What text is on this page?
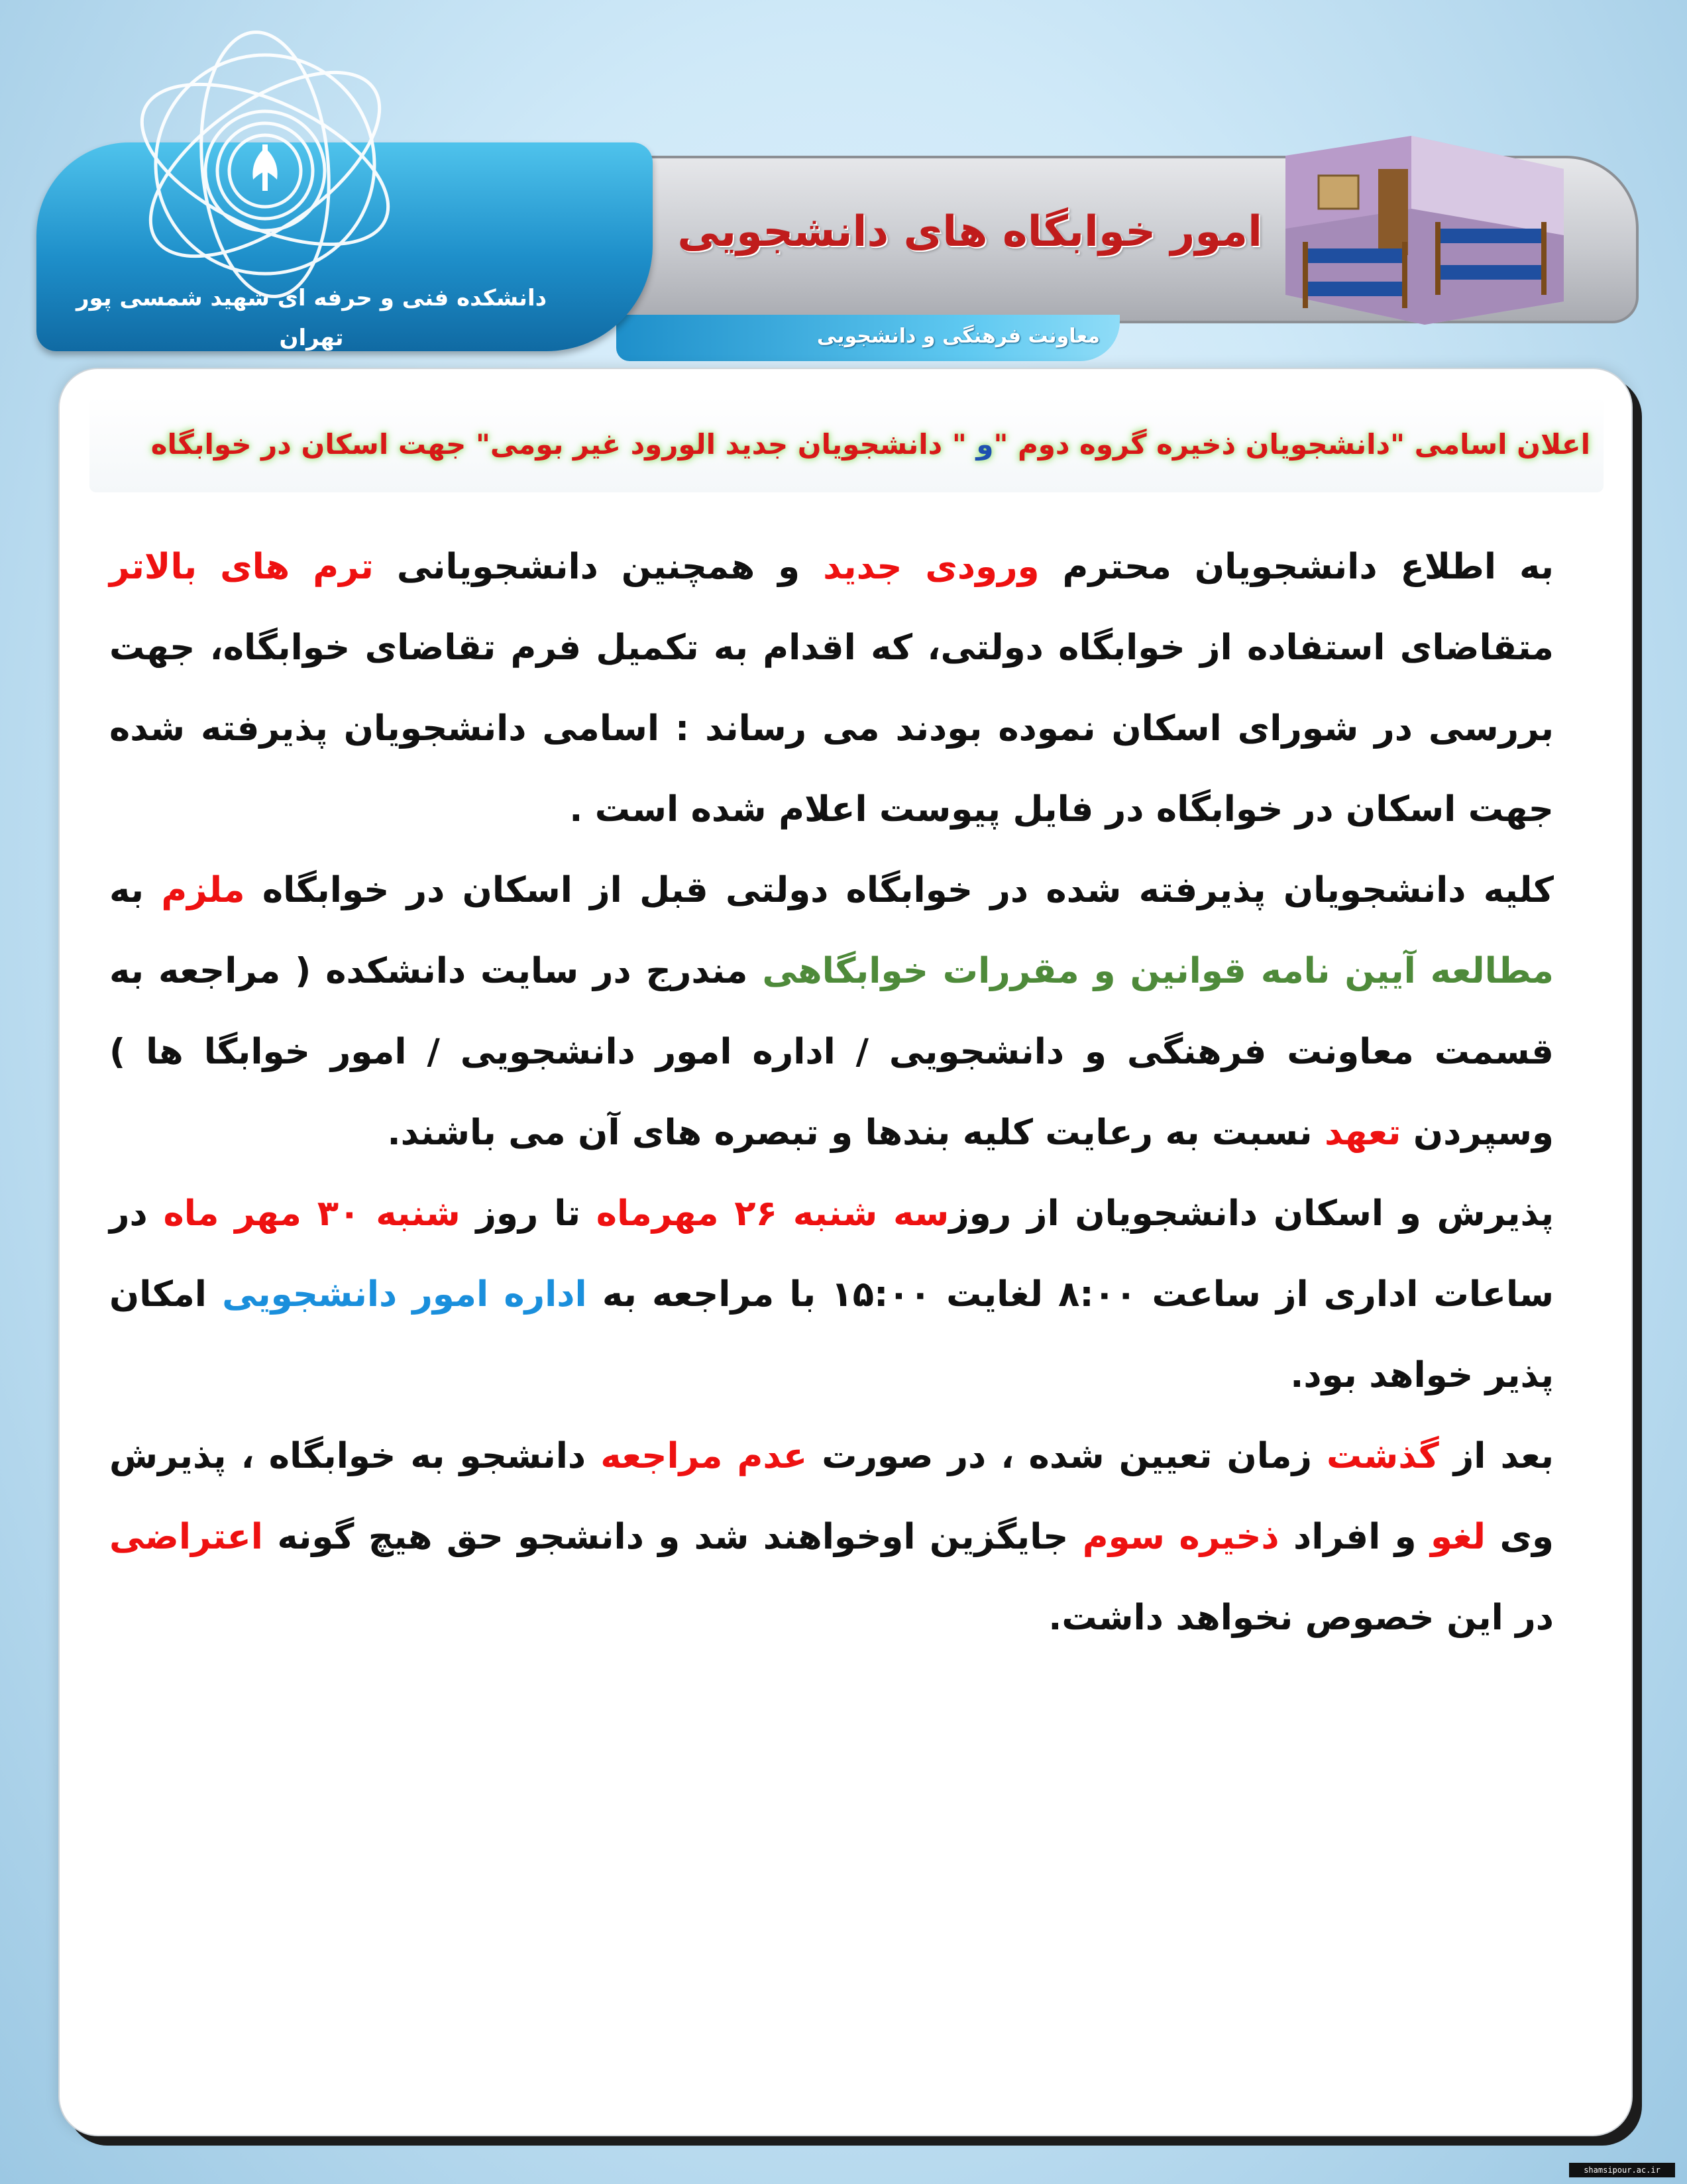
معاونت فرهنگی و دانشجویی
دانشکده فنی و حرفه ای شهید شمسی پور تهران
امور خوابگاه های دانشجویی
اعلان اسامی "دانشجویان ذخیره گروه دوم "و " دانشجویان جدید الورود غیر بومی" جهت اسکان در خوابگاه

به اطلاع دانشجویان محترم ورودی جدید و همچنین دانشجویانی ترم های بالاتر متقاضای استفاده از خوابگاه دولتی، که اقدام به تکمیل فرم تقاضای خوابگاه، جهت بررسی در شورای اسکان نموده بودند می رساند : اسامی دانشجویان پذیرفته شده جهت اسکان در خوابگاه در فایل پیوست اعلام شده است .

کلیه دانشجویان پذیرفته شده در خوابگاه دولتی قبل از اسکان در خوابگاه ملزم به مطالعه آیین نامه قوانین و مقررات خوابگاهی مندرج در سایت دانشکده ( مراجعه به قسمت معاونت فرهنگی و دانشجویی / اداره امور دانشجویی / امور خوابگا ها ) وسپردن تعهد نسبت به رعایت کلیه بندها و تبصره های آن می باشند.

پذیرش و اسکان دانشجویان از روزسه شنبه ۲۶ مهرماه تا روز شنبه ۳۰ مهر ماه در ساعات اداری از ساعت ۸:۰۰ لغایت ۱۵:۰۰ با مراجعه به اداره امور دانشجویی امکان پذیر خواهد بود.

بعد از گذشت زمان تعیین شده ، در صورت عدم مراجعه دانشجو به خوابگاه ، پذیرش وی لغو و افراد ذخیره سوم جایگزین اوخواهند شد و دانشجو حق هیچ گونه اعتراضی در این خصوص نخواهد داشت.

shamsipour.ac.ir
